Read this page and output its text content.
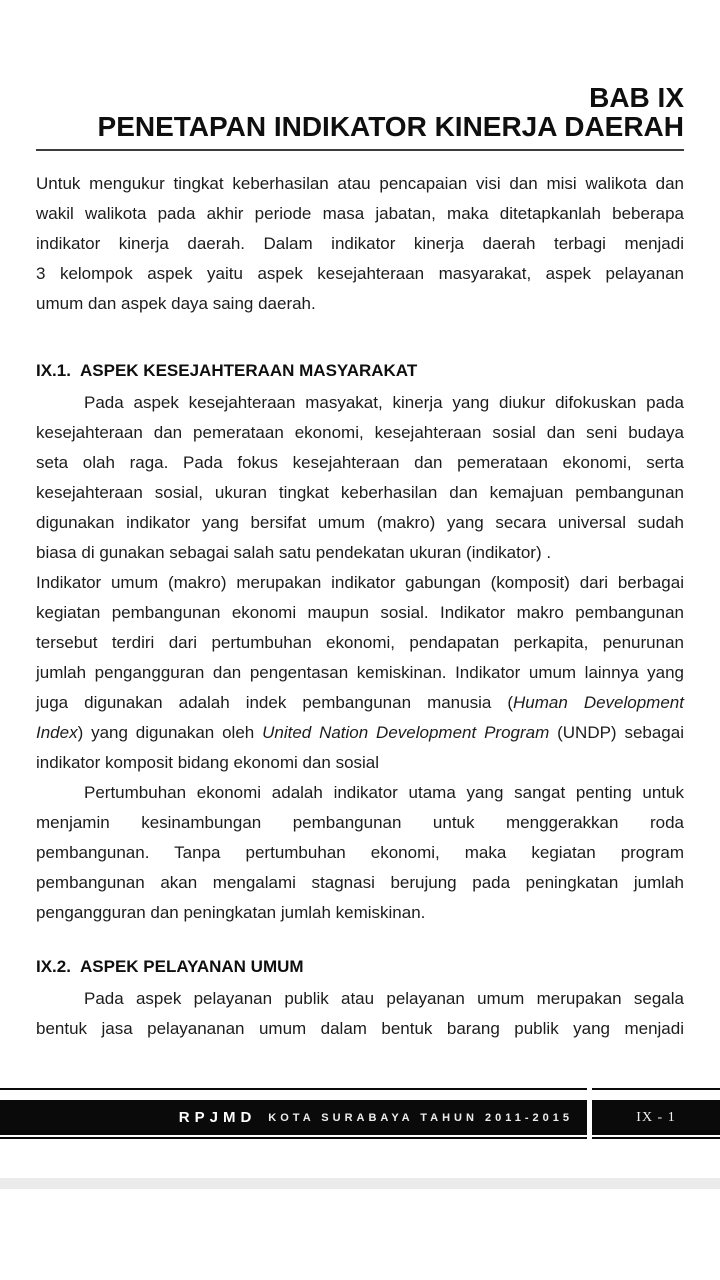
BAB IX
PENETAPAN INDIKATOR KINERJA DAERAH
Untuk mengukur tingkat keberhasilan atau pencapaian visi dan misi walikota dan
wakil walikota pada akhir periode masa jabatan, maka ditetapkanlah beberapa
indikator kinerja daerah. Dalam indikator kinerja daerah terbagi menjadi
3 kelompok aspek yaitu aspek kesejahteraan masyarakat, aspek pelayanan
umum dan aspek daya saing daerah.
IX.1. ASPEK KESEJAHTERAAN MASYARAKAT
Pada aspek kesejahteraan masyakat, kinerja yang diukur difokuskan pada
kesejahteraan dan pemerataan ekonomi, kesejahteraan sosial dan seni budaya
seta olah raga. Pada fokus kesejahteraan dan pemerataan ekonomi, serta
kesejahteraan sosial, ukuran tingkat keberhasilan dan kemajuan pembangunan
digunakan indikator yang bersifat umum (makro) yang secara universal sudah
biasa di gunakan sebagai salah satu pendekatan ukuran (indikator) .
Indikator umum (makro) merupakan indikator gabungan (komposit) dari berbagai
kegiatan pembangunan ekonomi maupun sosial. Indikator makro pembangunan
tersebut terdiri dari pertumbuhan ekonomi, pendapatan perkapita, penurunan
jumlah pengangguran dan pengentasan kemiskinan. Indikator umum lainnya yang
juga digunakan adalah indek pembangunan manusia (Human Development
Index) yang digunakan oleh United Nation Development Program (UNDP) sebagai
indikator komposit bidang ekonomi dan sosial
Pertumbuhan ekonomi adalah indikator utama yang sangat penting untuk
menjamin kesinambungan pembangunan untuk menggerakkan roda
pembangunan. Tanpa pertumbuhan ekonomi, maka kegiatan program
pembangunan akan mengalami stagnasi berujung pada peningkatan jumlah
pengangguran dan peningkatan jumlah kemiskinan.
IX.2. ASPEK PELAYANAN UMUM
Pada aspek pelayanan publik atau pelayanan umum merupakan segala
bentuk jasa pelayananan umum dalam bentuk barang publik yang menjadi
RPJMD KOTA SURABAYA TAHUN 2011-2015	IX - 1
